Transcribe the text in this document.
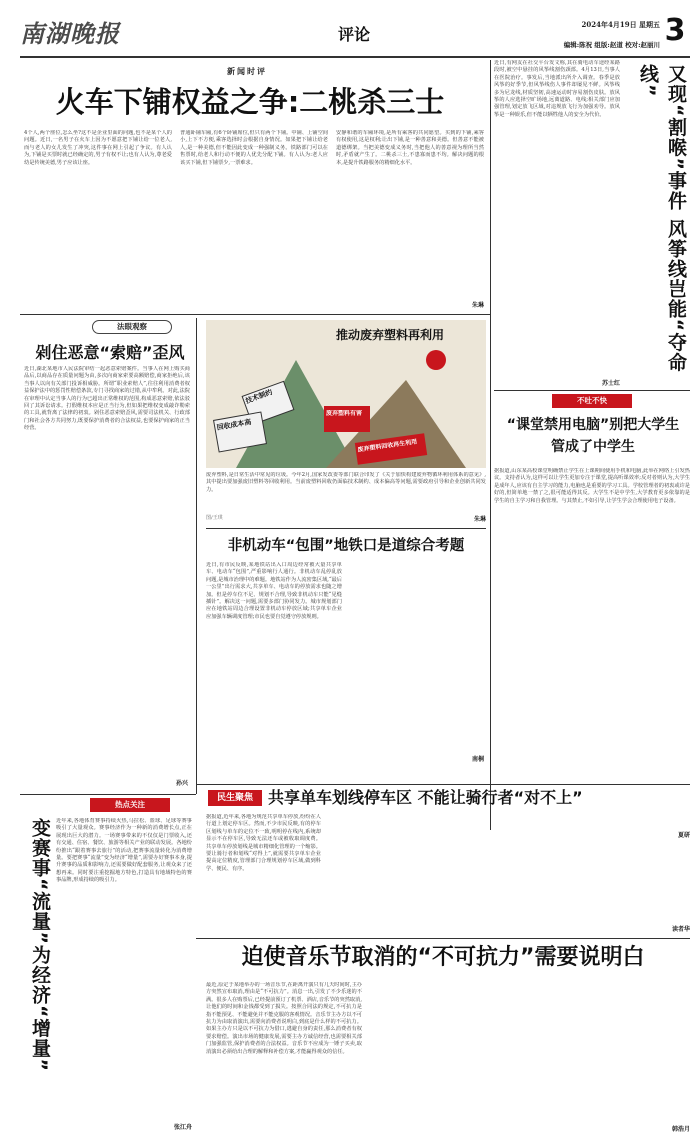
南湖晚报	评论
2024年4月19日 星期五 3
编辑:陈祝 组版:赵道 校对:赵丽川
新闻时评
火车下铺权益之争:二桃杀三士
4个人,两个座位,怎么坐?这不是企业里面的问题,也不是某个人的问题。近日,一名男子在火车上因为不愿意把下铺让给一位老人,而与老人的女儿发生了冲突,这件事在网上引起了争议。有人认为,下铺是买票时就已经确定的,男子有权不让;也有人认为,尊老爱幼是传统美德,男子应该让座。
普通卧铺车厢,有6个卧铺席位,但只有两个下铺。中铺、上铺空间小,上下不方便,乘客选择时会根据自身情况。如果把下铺让给老人,是一种美德,但不能因此变成一种强制义务。铁路部门可以在售票时,给老人和行动不便的人优先分配下铺。有人认为:老人应该买下铺,但下铺票少,一票难求。
安静和谐的车厢环境,是所有乘客的共同愿望。买到的下铺,乘客有权使用,这是权利;让出下铺,是一种善意和美德。但善意不能被道德绑架。当把美德变成义务时,当把他人的善意视为理所当然时,矛盾就产生了。二桃杀三士,不患寡而患不均。解决问题的根本,是提升铁路服务的精细化水平。
朱琳
法眼观察
剁住恶意“索赔”歪风
近日,湖北某地市人民法院审结一起恶意索赔案件。当事人在网上购买商品后,以商品存在质量问题为由,多次向商家索要高额赔偿,商家拒绝后,该当事人以向有关部门投诉相威胁。所谓“职业索赔人”,往往利用消费者权益保护法中的惩罚性赔偿条款,专门寻找商家的过错,从中牟利。对此,法院在审理中认定当事人的行为已超出正常维权的范围,构成恶意索赔,依法驳回了其诉讼请求。打假维权本应是正当行为,但如果把维权变成敲诈勒索的工具,就背离了法律的初衷。剁住恶意索赔歪风,需要司法机关、行政部门和社会各方共同努力,既要保护消费者的合法权益,也要保护商家的正当经营。
孙兴
推动废弃塑料再利用
技术制约
回收成本高
废弃塑料有害
废弃塑料回收再生利用
废弃塑料,是日常生活中常见的垃圾。今年2月,国家发改委等部门联合印发了《关于加快构建废弃物循环利用体系的意见》,其中提出要加强废旧塑料等回收利用。当前废塑料回收仍面临技术制约、成本偏高等问题,需要政府引导和企业创新共同发力。
朱琳
图/王琪
非机动车“包围”地铁口是道综合考题
近日,有市民反映,某地铁站出入口周边经常被大量共享单车、电动车“包围”,严重影响行人通行。非机动车乱停乱放问题,是城市治理中的难题。地铁站作为人流密集区域,“最后一公里”出行需求大,共享单车、电动车的停放需求也随之增加。但是停车位不足、规划不合理,导致非机动车只能“见缝插针”。解决这一问题,需要多部门协同发力。城市规划部门应在地铁站周边合理设置非机动车停放区域;共享单车企业应加强车辆调度管理;市民也要自觉遵守停放规则。
南桐
热点关注
近年来,各地体育赛事持续火热,马拉松、篮球、足球等赛事吸引了大量观众。赛事经济作为一种新的消费增长点,正在展现出巨大的潜力。一场赛事带来的不仅仅是门票收入,还有交通、住宿、餐饮、旅游等相关产业的联动发展。各地纷纷推出“跟着赛事去旅行”的活动,把赛事流量转化为消费增量。要把赛事“流量”变为经济“增量”,需要办好赛事本身,提升赛事的品质和影响力,还需要做好配套服务,让观众来了还想再来。同时要注重挖掘地方特色,打造具有地域特色的赛事品牌,形成持续的吸引力。
变赛事“流量”为经济“增量”
张江舟
近日,有网友在社交平台发文称,其在骑电动车途经某路段时,被空中悬挂的风筝线割伤颈部。4月13日,当事人在医院治疗。事发后,当地派出所介入调查。春季是放风筝的好季节,但风筝线伤人事件却屡见不鲜。风筝线多为尼龙线,材质坚韧,高速运动时容易割伤皮肤。放风筝的人应选择空旷场地,远离道路、电线;相关部门应加强管理,划定放飞区域,对违规放飞行为加强劝导。放风筝是一种娱乐,但不能以牺牲他人的安全为代价。	又现“割喉”事件 风筝线岂能“夺命线”
苏士红
不吐不快
“课堂禁用电脑”别把大学生管成了中学生
据报道,山东某高校课堂明确禁止学生在上课期间使用手机和电脑,此举在网络上引发热议。支持者认为,这样可以让学生更加专注于课堂,提高听课效率;反对者则认为,大学生是成年人,应该有自主学习的能力,电脑也是重要的学习工具。学校管理者的初衷或许是好的,但简单地一禁了之,很可能适得其反。大学生不是中学生,大学教育更多依靠的是学生的自主学习和自我管理。与其禁止,不如引导,让学生学会合理使用电子设备。
夏研
民生聚焦 共享单车划线停车区 不能让骑行者“对不上”
据报道,近年来,各地为规范共享单车停放,纷纷在人行道上划定停车区。然而,不少市民反映,有的停车区划线与单车的定位不一致,明明停在线内,系统却显示不在停车区,导致无法还车或被收取调度费。共享单车停放划线是城市精细化管理的一个缩影。要让骑行者和划线“对得上”,就需要共享单车企业提高定位精度,管理部门合理规划停车区域,做到科学、便民、有序。
读者华
迫使音乐节取消的“不可抗力”需要说明白
最近,原定于某地举办的一场音乐节,在距离开演只有几天时间时,主办方突然宣布取消,理由是“不可抗力”。消息一出,引发了不少乐迷的不满。很多人在购票后,已经提前预订了机票、酒店,音乐节的突然取消,让他们的时间和金钱都受到了损失。按照合同法的规定,不可抗力是指不能预见、不能避免并不能克服的客观情况。音乐节主办方以不可抗力为由取消演出,需要向消费者说明白,到底是什么样的不可抗力。如果主办方只是以不可抗力为借口,逃避自身的责任,那么消费者有权要求赔偿。演出市场的健康发展,需要主办方诚信经营,也需要相关部门加强监管,保护消费者的合法权益。音乐节不应成为一锤子买卖,取消演出必须给出合理的解释和补偿方案,才能赢得观众的信任。
韩浩月
